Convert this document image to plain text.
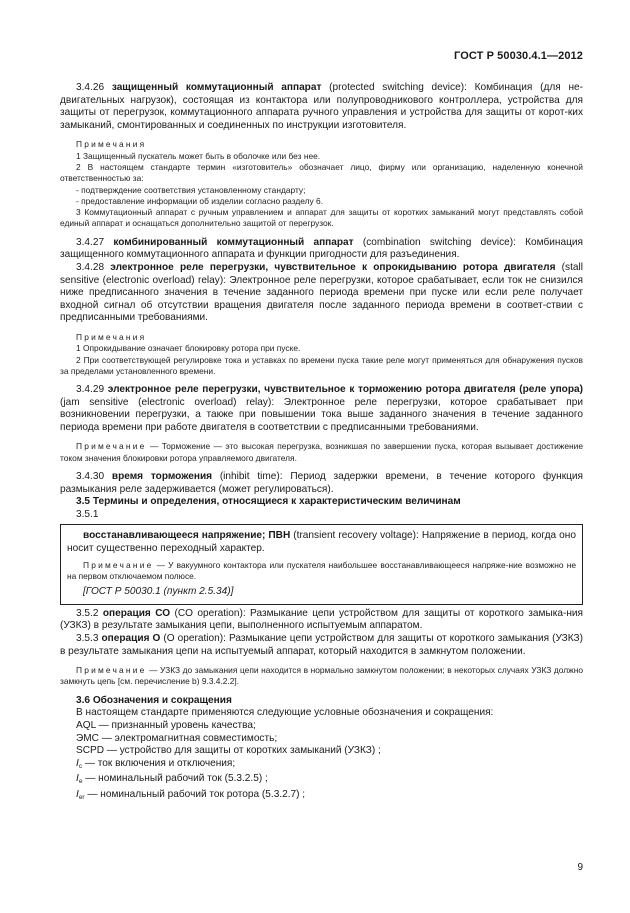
ГОСТ Р 50030.4.1—2012

3.4.26 защищенный коммутационный аппарат (protected switching device): Комбинация (для не-двигательных нагрузок), состоящая из контактора или полупроводникового контроллера, устройства для защиты от перегрузок, коммутационного аппарата ручного управления и устройства для защиты от корот-ких замыканий, смонтированных и соединенных по инструкции изготовителя.

Примечания
1 Защищенный пускатель может быть в оболочке или без нее.
2 В настоящем стандарте термин «изготовитель» обозначает лицо, фирму или организацию, наделенную конечной ответственностью за:
- подтверждение соответствия установленному стандарту;
- предоставление информации об изделии согласно разделу 6.
3 Коммутационный аппарат с ручным управлением и аппарат для защиты от коротких замыканий могут представлять собой единый аппарат и оснащаться дополнительно защитой от перегрузок.

3.4.27 комбинированный коммутационный аппарат (combination switching device): Комбинация защищенного коммутационного аппарата и функции пригодности для разъединения.

3.4.28 электронное реле перегрузки, чувствительное к опрокидыванию ротора двигателя (stall sensitive (electronic overload) relay): Электронное реле перегрузки, которое срабатывает, если ток не снизился ниже предписанного значения в течение заданного периода времени при пуске или если реле получает входной сигнал об отсутствии вращения двигателя после заданного периода времени в соответ-ствии с предписанными требованиями.

Примечания
1 Опрокидывание означает блокировку ротора при пуске.
2 При соответствующей регулировке тока и уставках по времени пуска такие реле могут применяться для обнаружения пусков за пределами установленного времени.

3.4.29 электронное реле перегрузки, чувствительное к торможению ротора двигателя (реле упора) (jam sensitive (electronic overload) relay): Электронное реле перегрузки, которое срабатывает при возникновении перегрузки, а также при повышении тока выше заданного значения в течение заданного периода времени при работе двигателя в соответствии с предписанными требованиями.

Примечание — Торможение — это высокая перегрузка, возникшая по завершении пуска, которая вызывает достижение током значения блокировки ротора управляемого двигателя.

3.4.30 время торможения (inhibit time): Период задержки времени, в течение которого функция размыкания реле задерживается (может регулироваться).

3.5 Термины и определения, относящиеся к характеристическим величинам

3.5.1

восстанавливающееся напряжение; ПВН (transient recovery voltage): Напряжение в период, когда оно носит существенно переходный характер.

Примечание — У вакуумного контактора или пускателя наибольшее восстанавливающееся напряже-ние возможно не на первом отключаемом полюсе.
[ГОСТ Р 50030.1 (пункт 2.5.34)]

3.5.2 операция СО (CO operation): Размыкание цепи устройством для защиты от короткого замыка-ния (УЗКЗ) в результате замыкания цепи, выполненного испытуемым аппаратом.

3.5.3 операция О (O operation): Размыкание цепи устройством для защиты от короткого замыкания (УЗКЗ) в результате замыкания цепи на испытуемый аппарат, который находится в замкнутом положении.

Примечание — УЗКЗ до замыкания цепи находится в нормально замкнутом положении; в некоторых случаях УЗКЗ должно замкнуть цепь [см. перечисление b) 9.3.4.2.2].

3.6 Обозначения и сокращения

В настоящем стандарте применяются следующие условные обозначения и сокращения:

AQL — признанный уровень качества;
ЭМС — электромагнитная совместимость;
SCPD — устройство для защиты от коротких замыканий (УЗКЗ) ;
$I_c$ — ток включения и отключения;
$I_e$ — номинальный рабочий ток (5.3.2.5) ;
$I_{er}$ — номинальный рабочий ток ротора (5.3.2.7) ;
9
